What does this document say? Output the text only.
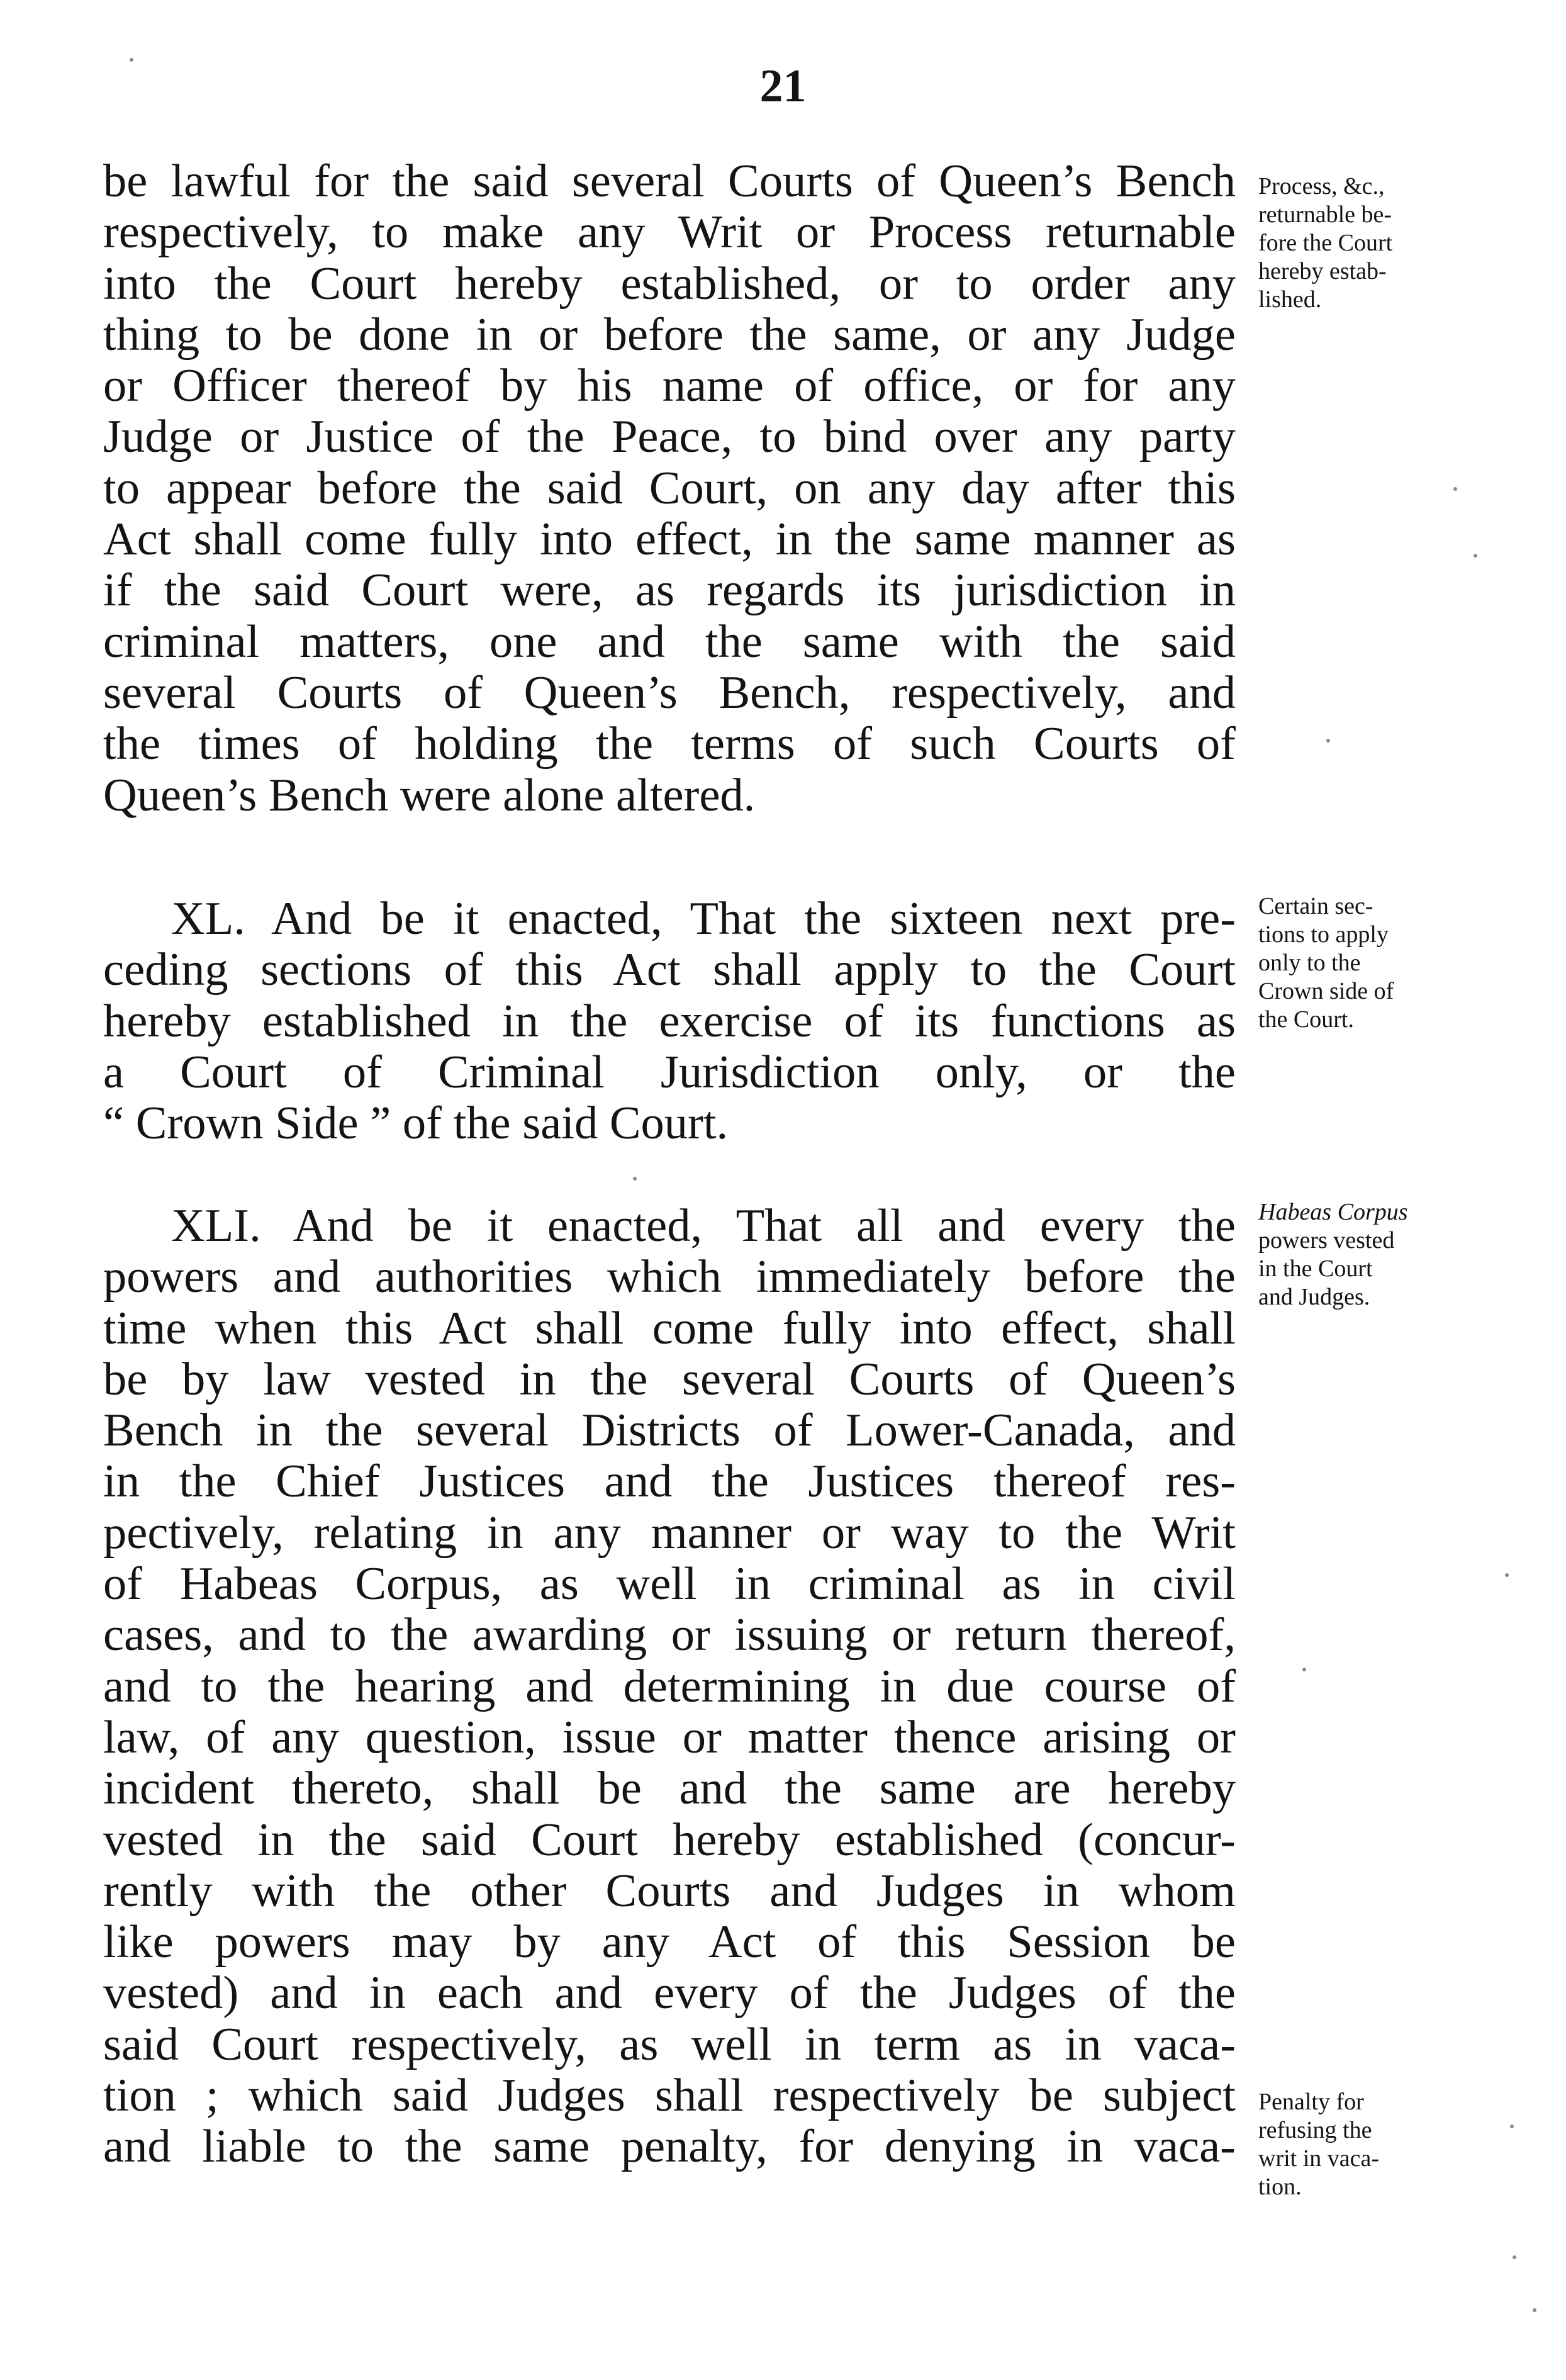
21
be lawful for the said several Courts of Queen’s Bench
respectively, to make any Writ or Process returnable
into the Court hereby established, or to order any
thing to be done in or before the same, or any Judge
or Officer thereof by his name of office, or for any
Judge or Justice of the Peace, to bind over any party
to appear before the said Court, on any day after this
Act shall come fully into effect, in the same manner as
if the said Court were, as regards its jurisdiction in
criminal matters, one and the same with the said
several Courts of Queen’s Bench, respectively, and
the times of holding the terms of such Courts of
Queen’s Bench were alone altered.
XL. And be it enacted, That the sixteen next pre-
ceding sections of this Act shall apply to the Court
hereby established in the exercise of its functions as
a Court of Criminal Jurisdiction only, or the
“ Crown Side ” of the said Court.
XLI. And be it enacted, That all and every the
powers and authorities which immediately before the
time when this Act shall come fully into effect, shall
be by law vested in the several Courts of Queen’s
Bench in the several Districts of Lower-Canada, and
in the Chief Justices and the Justices thereof res-
pectively, relating in any manner or way to the Writ
of Habeas Corpus, as well in criminal as in civil
cases, and to the awarding or issuing or return thereof,
and to the hearing and determining in due course of
law, of any question, issue or matter thence arising or
incident thereto, shall be and the same are hereby
vested in the said Court hereby established (concur-
rently with the other Courts and Judges in whom
like powers may by any Act of this Session be
vested) and in each and every of the Judges of the
said Court respectively, as well in term as in vaca-
tion ; which said Judges shall respectively be subject
and liable to the same penalty, for denying in vaca-
Process, &c.,
returnable be-
fore the Court
hereby estab-
lished.
Certain sec-
tions to apply
only to the
Crown side of
the Court.
Habeas Corpus
powers vested
in the Court
and Judges.
Penalty for
refusing the
writ in vaca-
tion.
